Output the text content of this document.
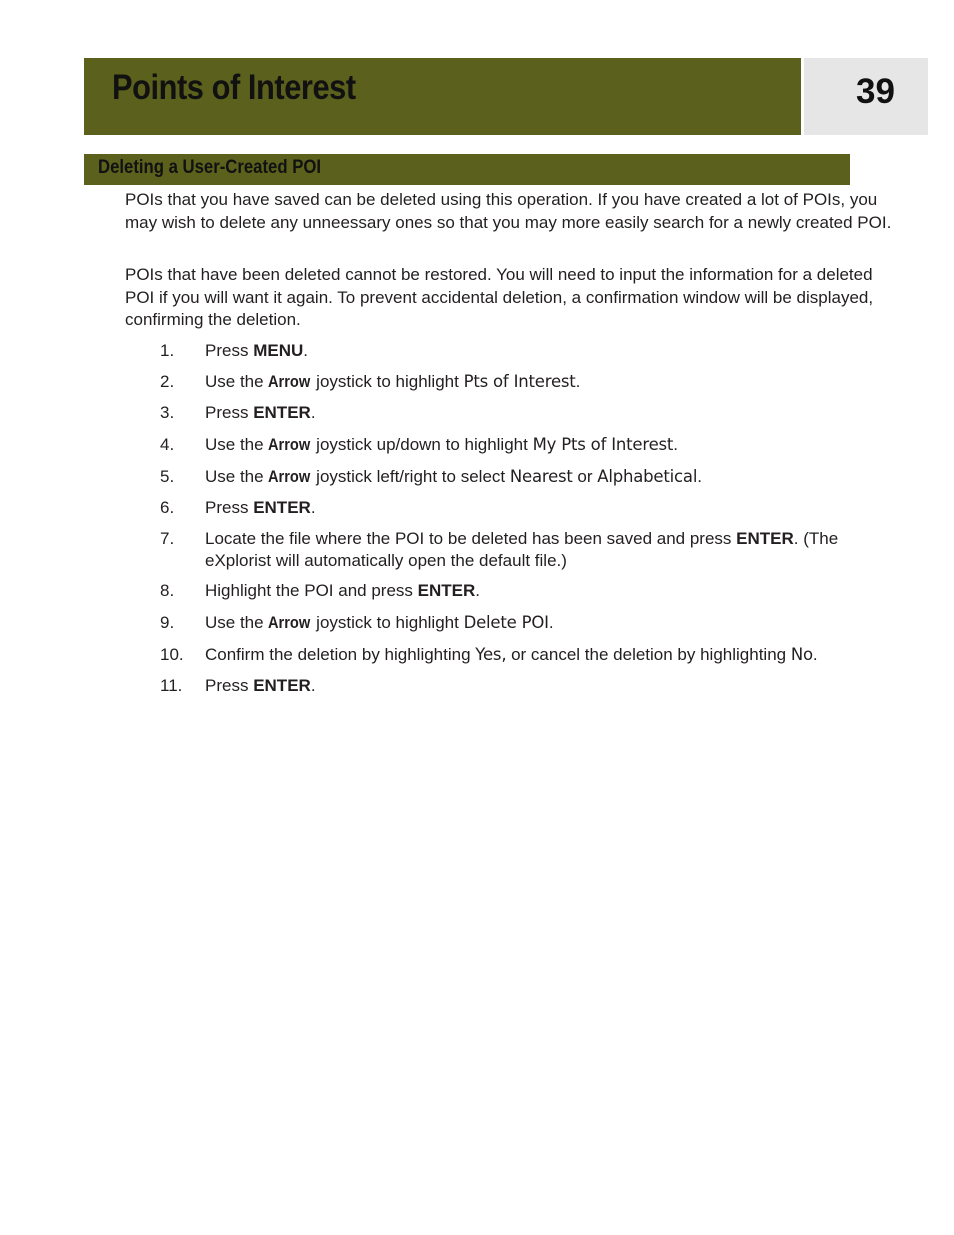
Points of Interest	39
Deleting a User-Created POI

POIs that you have saved can be deleted using this operation. If you have created a lot of POIs, you may wish to delete any unneessary ones so that you may more easily search for a newly created POI.

POIs that have been deleted cannot be restored. You will need to input the information for a deleted POI if you will want it again. To prevent accidental deletion, a confirmation window will be displayed, confirming the deletion.

1. Press MENU.
2. Use the Arrow joystick to highlight Pts of Interest.
3. Press ENTER.
4. Use the Arrow joystick up/down to highlight My Pts of Interest.
5. Use the Arrow joystick left/right to select Nearest or Alphabetical.
6. Press ENTER.
7. Locate the file where the POI to be deleted has been saved and press ENTER. (The eXplorist will automatically open the default file.)
8. Highlight the POI and press ENTER.
9. Use the Arrow joystick to highlight Delete POI.
10. Confirm the deletion by highlighting Yes, or cancel the deletion by highlighting No.
11. Press ENTER.
